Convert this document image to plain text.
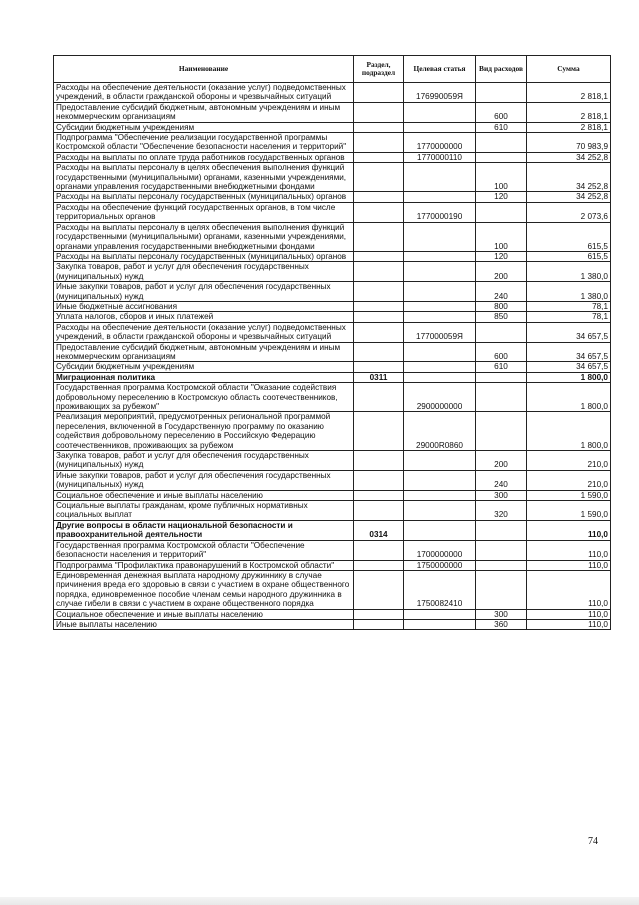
Наименование	Раздел, подраздел	Целевая статья	Вид расходов	Сумма
Расходы на обеспечение деятельности (оказание услуг) подведомственных учреждений, в области гражданской обороны и чрезвычайных ситуаций		176990059Я		2 818,1
Предоставление субсидий бюджетным, автономным учреждениям и иным некоммерческим организациям			600	2 818,1
Субсидии бюджетным учреждениям			610	2 818,1
Подпрограмма "Обеспечение реализации государственной программы Костромской области "Обеспечение безопасности населения и территорий"		1770000000		70 983,9
Расходы на выплаты по оплате труда работников государственных органов		1770000110		34 252,8
Расходы на выплаты персоналу в целях обеспечения выполнения функций государственными (муниципальными) органами, казенными учреждениями, органами управления государственными внебюджетными фондами			100	34 252,8
Расходы на выплаты персоналу государственных (муниципальных) органов			120	34 252,8
Расходы на обеспечение функций государственных органов, в том числе территориальных органов		1770000190		2 073,6
Расходы на выплаты персоналу в целях обеспечения выполнения функций государственными (муниципальными) органами, казенными учреждениями, органами управления государственными внебюджетными фондами			100	615,5
Расходы на выплаты персоналу государственных (муниципальных) органов			120	615,5
Закупка товаров, работ и услуг для обеспечения государственных (муниципальных) нужд			200	1 380,0
Иные закупки товаров, работ и услуг для обеспечения государственных (муниципальных) нужд			240	1 380,0
Иные бюджетные ассигнования			800	78,1
Уплата налогов, сборов и иных платежей			850	78,1
Расходы на обеспечение деятельности (оказание услуг) подведомственных учреждений, в области гражданской обороны и чрезвычайных ситуаций		177000059Я		34 657,5
Предоставление субсидий бюджетным, автономным учреждениям и иным некоммерческим организациям			600	34 657,5
Субсидии бюджетным учреждениям			610	34 657,5
Миграционная политика	0311			1 800,0
Государственная программа Костромской области "Оказание содействия добровольному переселению в Костромскую область соотечественников, проживающих за рубежом"		2900000000		1 800,0
Реализация мероприятий, предусмотренных региональной программой переселения, включенной в Государственную программу по оказанию содействия добровольному переселению в Российскую Федерацию соотечественников, проживающих за рубежом		29000R0860		1 800,0
Закупка товаров, работ и услуг для обеспечения государственных (муниципальных) нужд			200	210,0
Иные закупки товаров, работ и услуг для обеспечения государственных (муниципальных) нужд			240	210,0
Социальное обеспечение и иные выплаты населению			300	1 590,0
Социальные выплаты гражданам, кроме публичных нормативных социальных выплат			320	1 590,0
Другие вопросы в области национальной безопасности и правоохранительной деятельности	0314			110,0
Государственная программа Костромской области "Обеспечение безопасности населения и территорий"		1700000000		110,0
Подпрограмма "Профилактика правонарушений в Костромской области"		1750000000		110,0
Единовременная денежная выплата народному дружиннику в случае причинения вреда его здоровью в связи с участием в охране общественного порядка, единовременное пособие членам семьи народного дружинника в случае гибели в связи с участием в охране общественного порядка		1750082410		110,0
Социальное обеспечение и иные выплаты населению			300	110,0
Иные выплаты населению			360	110,0
74
